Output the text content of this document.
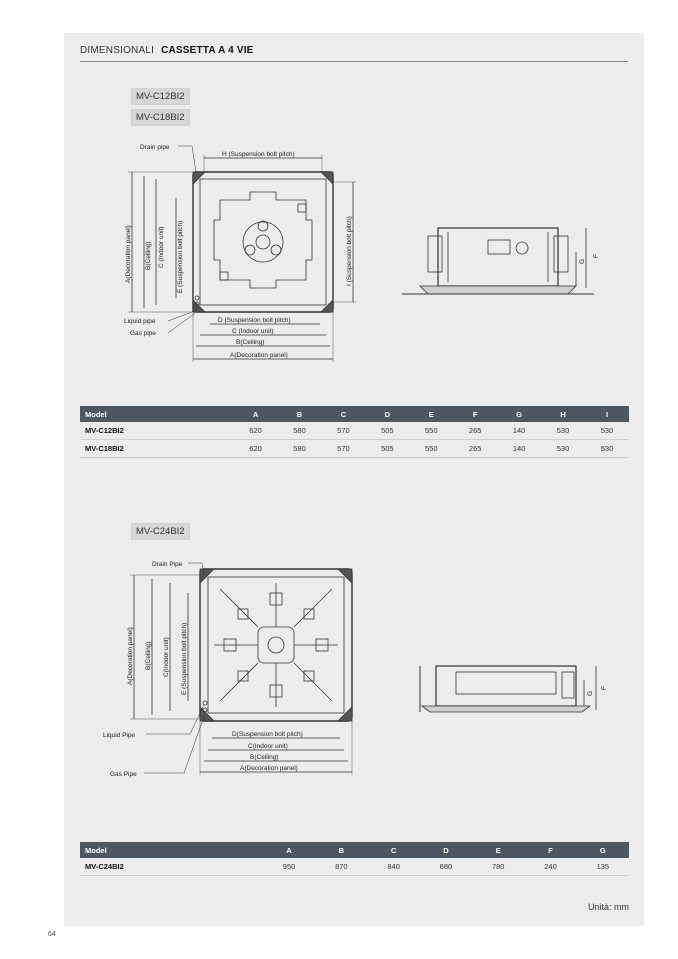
DIMENSIONALI CASSETTA A 4 VIE
MV-C12BI2
MV-C18BI2
Drain pipe
H (Suspension bolt pitch)
A(Decoration panel) B(Ceiling) C (Indoor unit) E (Suspension bolt pitch)	I (Suspension bolt pitch)
Liquid pipe
Gas pipe
D (Suspension bolt pitch)
C (Indoor unit)
B(Ceiling)
A(Decoration panel)
G
F
Model	A	B	C	D	E	F	G	H	I
MV-C12BI2	620	580	570	505	550	265	140	530	530
MV-C18BI2	620	580	570	505	550	265	140	530	530
MV-C24BI2
Drain Pipe
A(Decoration panel) B(Ceiling) C(Indoor unit) E (Suspension bolt pitch)
Liquid Pipe
Gas Pipe
D(Suspension bolt pitch)
C(Indoor unit)
B(Ceiling)
A(Decoration panel)
G
F
Model	A	B	C	D	E	F	G
MV-C24BI2	950	870	840	680	780	240	135
Unità: mm
64
